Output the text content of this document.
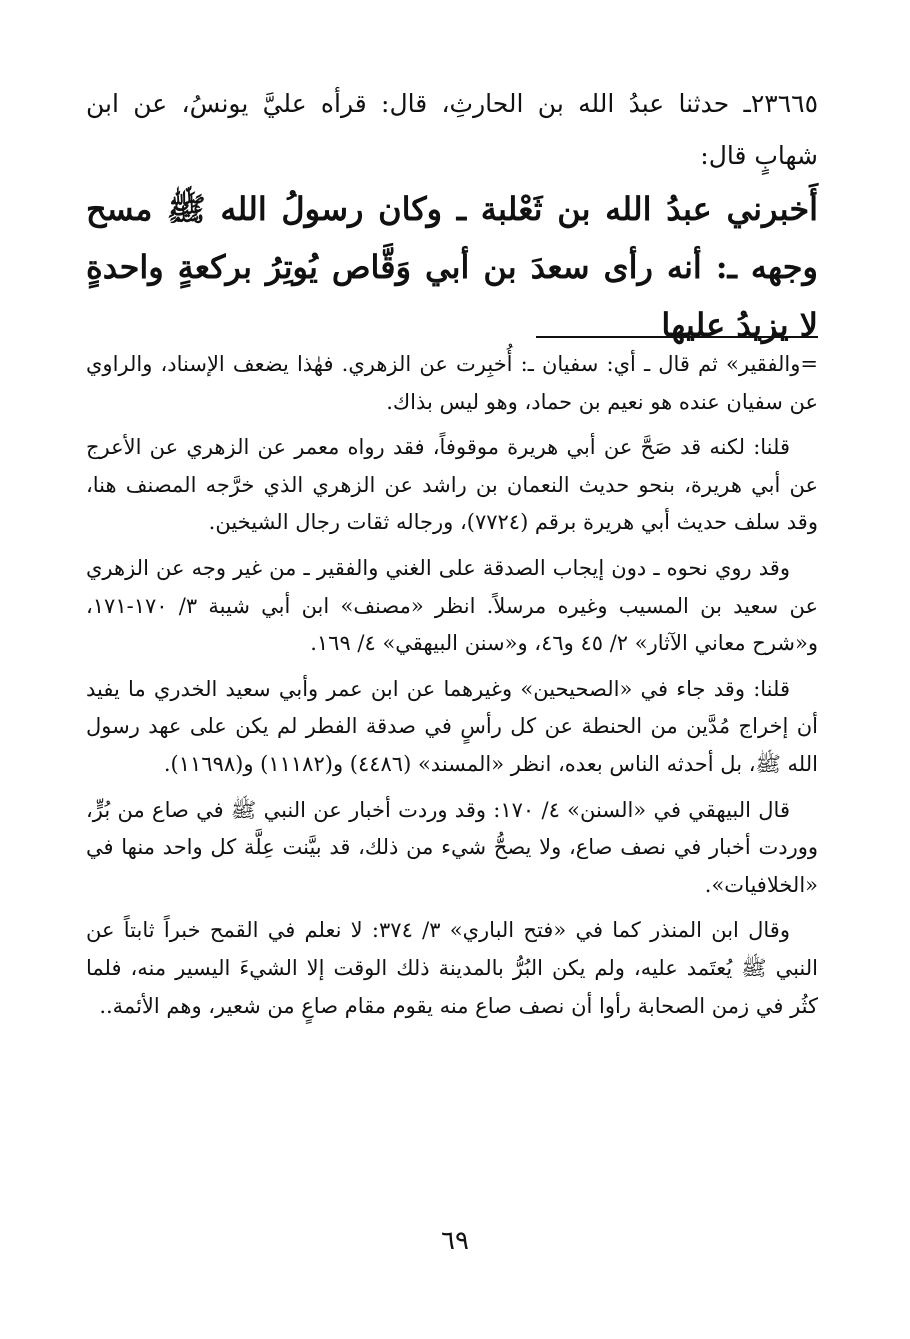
٢٣٦٦٥ـ حدثنا عبدُ الله بن الحارثِ، قال: قرأه عليَّ يونسُ، عن ابن شهابٍ قال:
أَخبرني عبدُ الله بن ثَعْلبة ـ وكان رسولُ الله ﷺ مسح وجهه ـ: أنه رأى سعدَ بن أبي وَقَّاص يُوتِرُ بركعةٍ واحدةٍ لا يزيدُ عليها

=والفقير» ثم قال ـ أي: سفيان ـ: أُخبِرت عن الزهري. فهٰذا يضعف الإسناد، والراوي عن سفيان عنده هو نعيم بن حماد، وهو ليس بذاك.

قلنا: لكنه قد صَحَّ عن أبي هريرة موقوفاً، فقد رواه معمر عن الزهري عن الأعرج عن أبي هريرة، بنحو حديث النعمان بن راشد عن الزهري الذي خرَّجه المصنف هنا، وقد سلف حديث أبي هريرة برقم (٧٧٢٤)، ورجاله ثقات رجال الشيخين.

وقد روي نحوه ـ دون إيجاب الصدقة على الغني والفقير ـ من غير وجه عن الزهري عن سعيد بن المسيب وغيره مرسلاً. انظر «مصنف» ابن أبي شيبة ٣/ ١٧٠-١٧١، و«شرح معاني الآثار» ٢/ ٤٥ و٤٦، و«سنن البيهقي» ٤/ ١٦٩.

قلنا: وقد جاء في «الصحيحين» وغيرهما عن ابن عمر وأبي سعيد الخدري ما يفيد أن إخراج مُدَّين من الحنطة عن كل رأسٍ في صدقة الفطر لم يكن على عهد رسول الله ﷺ، بل أحدثه الناس بعده، انظر «المسند» (٤٤٨٦) و(١١١٨٢) و(١١٦٩٨).

قال البيهقي في «السنن» ٤/ ١٧٠: وقد وردت أخبار عن النبي ﷺ في صاع من بُرٍّ، ووردت أخبار في نصف صاع، ولا يصحُّ شيء من ذلك، قد بيَّنت عِلَّة كل واحد منها في «الخلافيات».

وقال ابن المنذر كما في «فتح الباري» ٣/ ٣٧٤: لا نعلم في القمح خبراً ثابتاً عن النبي ﷺ يُعتَمد عليه، ولم يكن البُرُّ بالمدينة ذلك الوقت إلا الشيءَ اليسير منه، فلما كثُر في زمن الصحابة رأوا أن نصف صاع منه يقوم مقام صاعٍ من شعير، وهم الأئمة..

٦٩
